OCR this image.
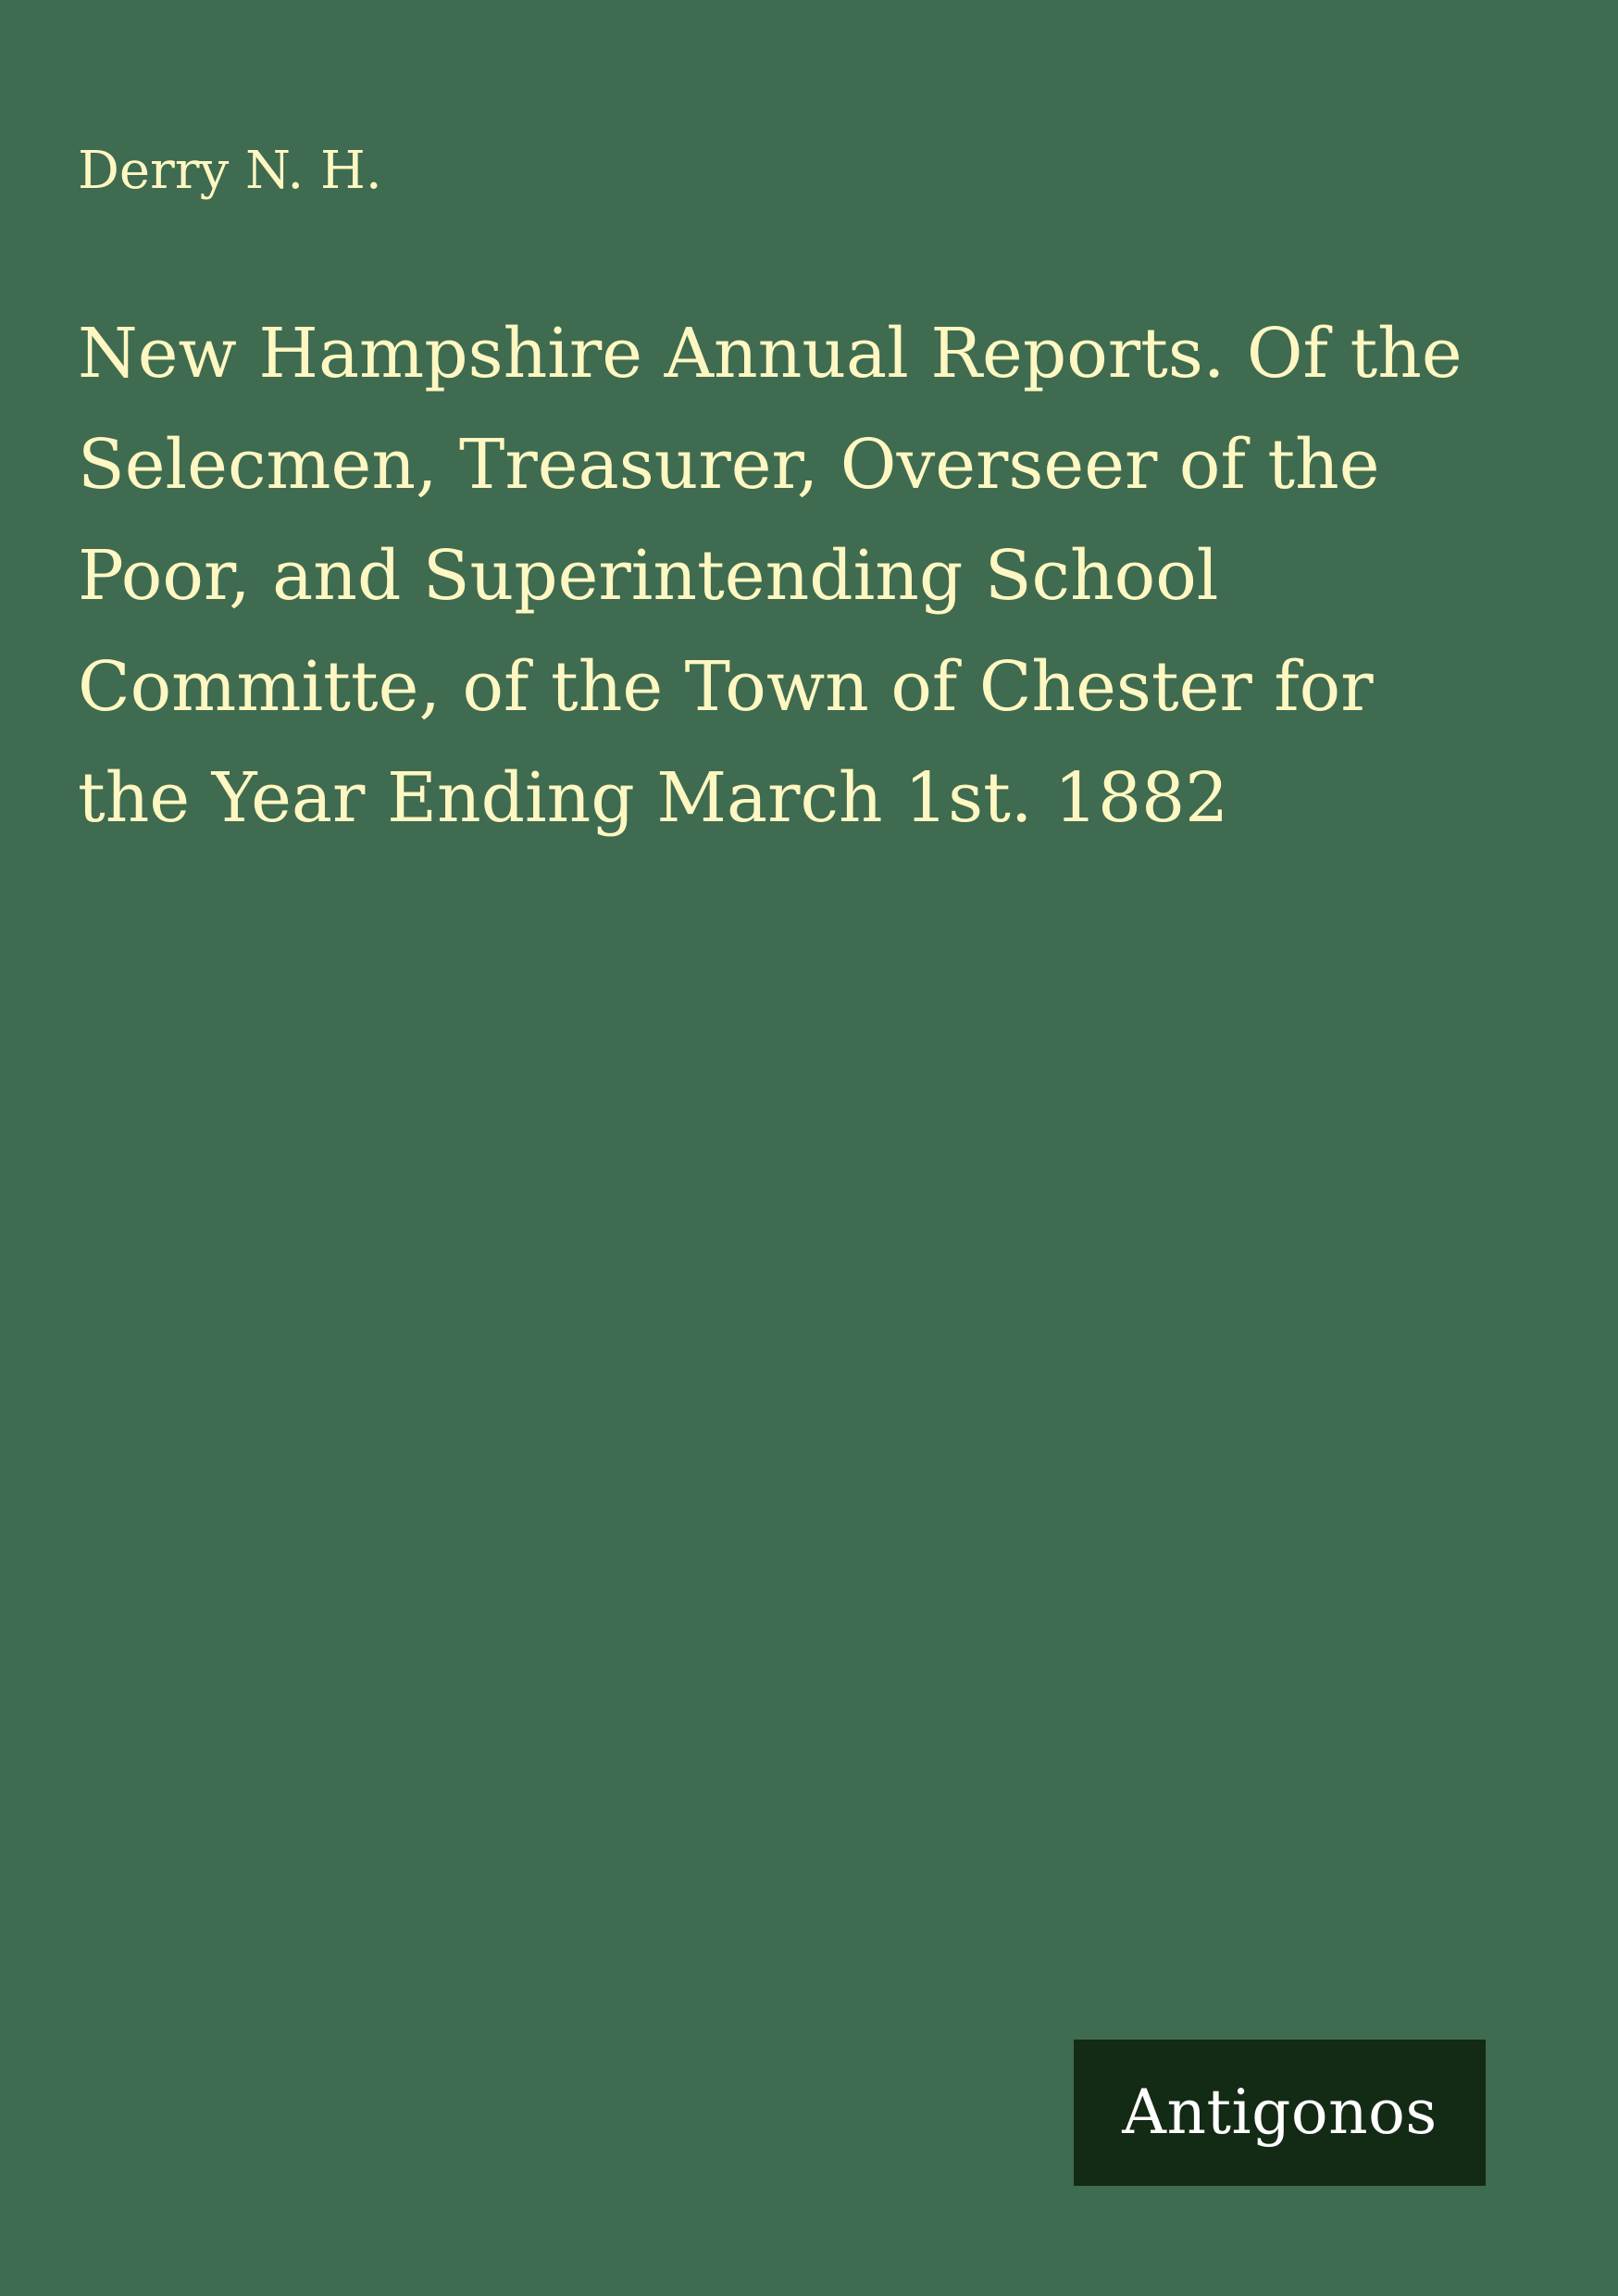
Derry N. H.
New Hampshire Annual Reports. Of the
Selecmen, Treasurer, Overseer of the
Poor, and Superintending School
Committe, of the Town of Chester for
the Year Ending March 1st. 1882
Antigonos
